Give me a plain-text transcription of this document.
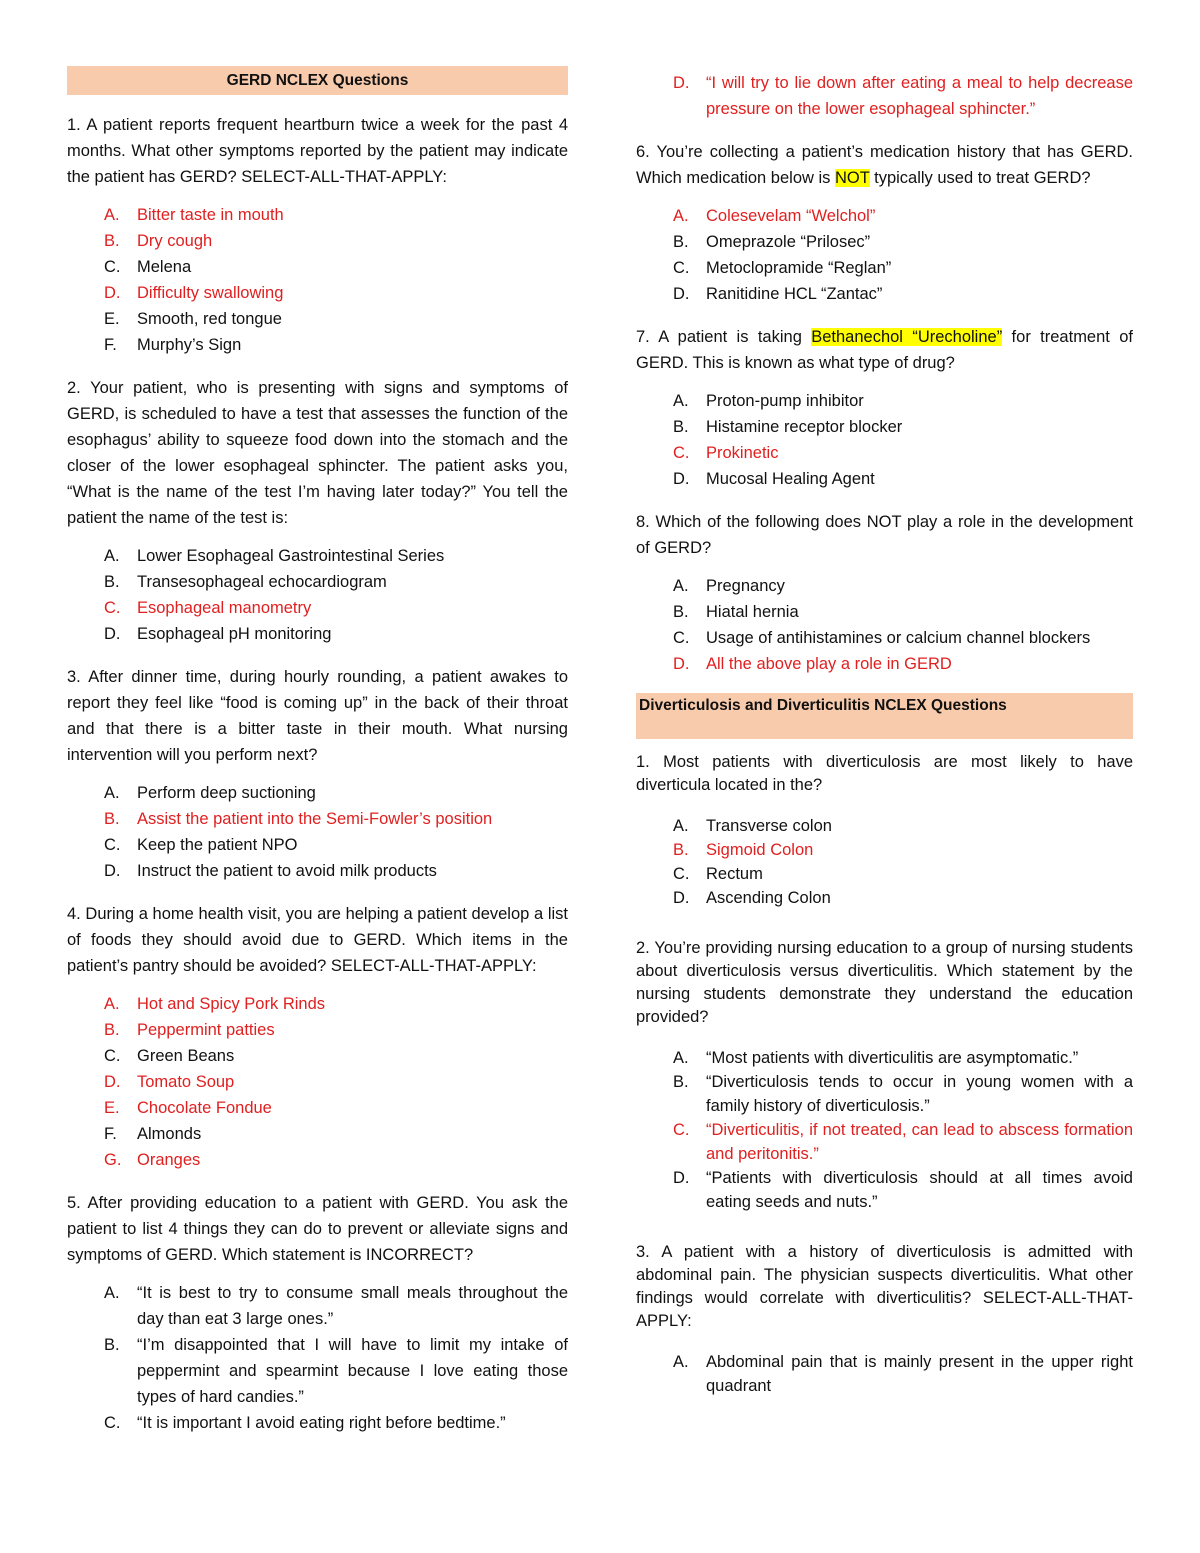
GERD NCLEX Questions
1. A patient reports frequent heartburn twice a week for the past 4 months. What other symptoms reported by the patient may indicate the patient has GERD? SELECT-ALL-THAT-APPLY:
A. Bitter taste in mouth
B. Dry cough
C. Melena
D. Difficulty swallowing
E. Smooth, red tongue
F. Murphy’s Sign
2. Your patient, who is presenting with signs and symptoms of GERD, is scheduled to have a test that assesses the function of the esophagus’ ability to squeeze food down into the stomach and the closer of the lower esophageal sphincter. The patient asks you, “What is the name of the test I’m having later today?” You tell the patient the name of the test is:
A. Lower Esophageal Gastrointestinal Series
B. Transesophageal echocardiogram
C. Esophageal manometry
D. Esophageal pH monitoring
3. After dinner time, during hourly rounding, a patient awakes to report they feel like “food is coming up” in the back of their throat and that there is a bitter taste in their mouth. What nursing intervention will you perform next?
A. Perform deep suctioning
B. Assist the patient into the Semi-Fowler’s position
C. Keep the patient NPO
D. Instruct the patient to avoid milk products
4. During a home health visit, you are helping a patient develop a list of foods they should avoid due to GERD. Which items in the patient’s pantry should be avoided? SELECT-ALL-THAT-APPLY:
A. Hot and Spicy Pork Rinds
B. Peppermint patties
C. Green Beans
D. Tomato Soup
E. Chocolate Fondue
F. Almonds
G. Oranges
5. After providing education to a patient with GERD. You ask the patient to list 4 things they can do to prevent or alleviate signs and symptoms of GERD. Which statement is INCORRECT?
A. “It is best to try to consume small meals throughout the day than eat 3 large ones.”
B. “I’m disappointed that I will have to limit my intake of peppermint and spearmint because I love eating those types of hard candies.”
C. “It is important I avoid eating right before bedtime.”
D. “I will try to lie down after eating a meal to help decrease pressure on the lower esophageal sphincter.”
6. You’re collecting a patient’s medication history that has GERD. Which medication below is NOT typically used to treat GERD?
A. Colesevelam “Welchol”
B. Omeprazole “Prilosec”
C. Metoclopramide “Reglan”
D. Ranitidine HCL “Zantac”
7. A patient is taking Bethanechol “Urecholine” for treatment of GERD. This is known as what type of drug?
A. Proton-pump inhibitor
B. Histamine receptor blocker
C. Prokinetic
D. Mucosal Healing Agent
8. Which of the following does NOT play a role in the development of GERD?
A. Pregnancy
B. Hiatal hernia
C. Usage of antihistamines or calcium channel blockers
D. All the above play a role in GERD
Diverticulosis and Diverticulitis NCLEX Questions
1. Most patients with diverticulosis are most likely to have diverticula located in the?
A. Transverse colon
B. Sigmoid Colon
C. Rectum
D. Ascending Colon
2. You’re providing nursing education to a group of nursing students about diverticulosis versus diverticulitis. Which statement by the nursing students demonstrate they understand the education provided?
A. “Most patients with diverticulitis are asymptomatic.”
B. “Diverticulosis tends to occur in young women with a family history of diverticulosis.”
C. “Diverticulitis, if not treated, can lead to abscess formation and peritonitis.”
D. “Patients with diverticulosis should at all times avoid eating seeds and nuts.”
3. A patient with a history of diverticulosis is admitted with abdominal pain. The physician suspects diverticulitis. What other findings would correlate with diverticulitis? SELECT-ALL-THAT-APPLY:
A. Abdominal pain that is mainly present in the upper right quadrant
